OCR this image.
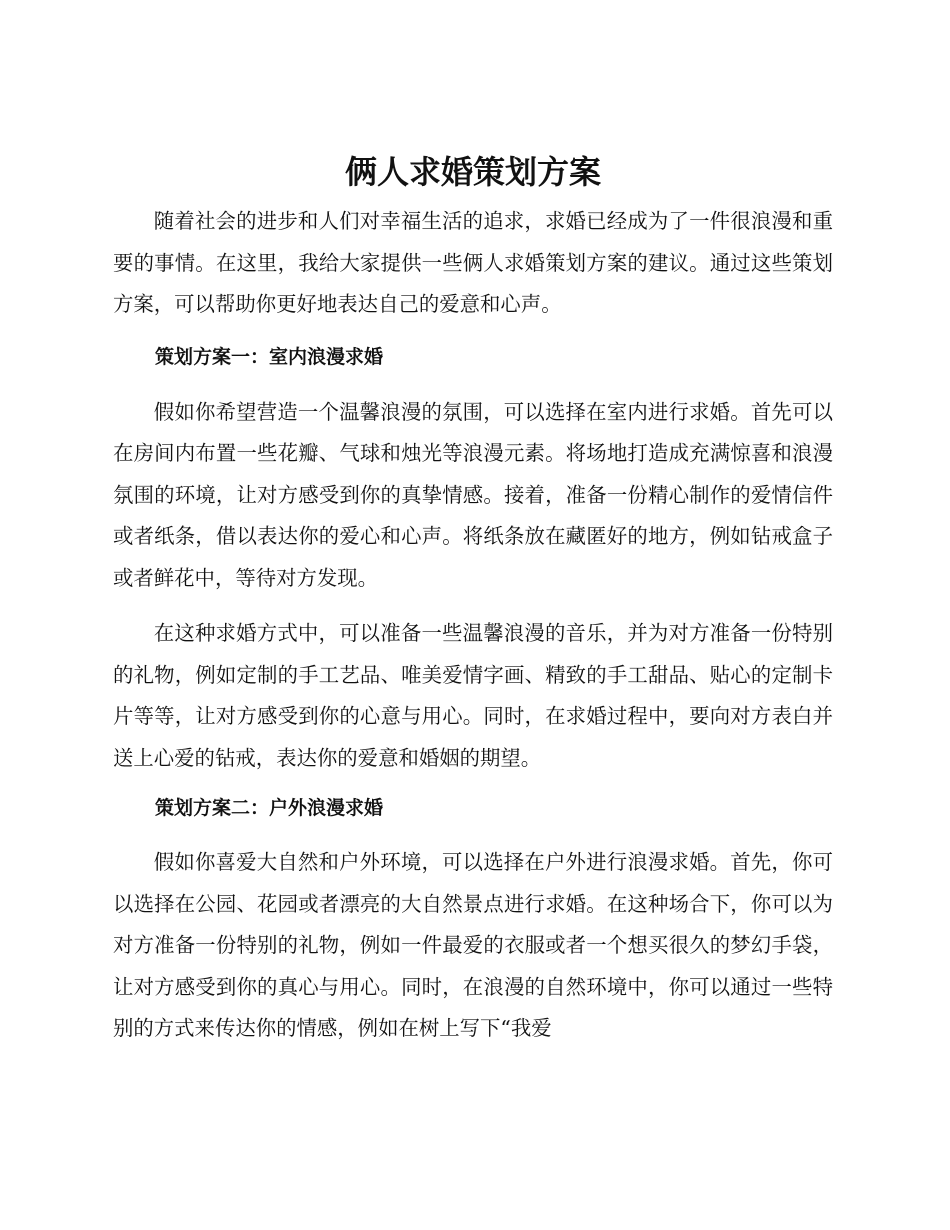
俩人求婚策划方案

随着社会的进步和人们对幸福生活的追求，求婚已经成为了一件很浪漫和重要的事情。在这里，我给大家提供一些俩人求婚策划方案的建议。通过这些策划方案，可以帮助你更好地表达自己的爱意和心声。

策划方案一：室内浪漫求婚

假如你希望营造一个温馨浪漫的氛围，可以选择在室内进行求婚。首先可以在房间内布置一些花瓣、气球和烛光等浪漫元素。将场地打造成充满惊喜和浪漫氛围的环境，让对方感受到你的真挚情感。接着，准备一份精心制作的爱情信件或者纸条，借以表达你的爱心和心声。将纸条放在藏匿好的地方，例如钻戒盒子或者鲜花中，等待对方发现。

在这种求婚方式中，可以准备一些温馨浪漫的音乐，并为对方准备一份特别的礼物，例如定制的手工艺品、唯美爱情字画、精致的手工甜品、贴心的定制卡片等等，让对方感受到你的心意与用心。同时，在求婚过程中，要向对方表白并送上心爱的钻戒，表达你的爱意和婚姻的期望。

策划方案二：户外浪漫求婚

假如你喜爱大自然和户外环境，可以选择在户外进行浪漫求婚。首先，你可以选择在公园、花园或者漂亮的大自然景点进行求婚。在这种场合下，你可以为对方准备一份特别的礼物，例如一件最爱的衣服或者一个想买很久的梦幻手袋，让对方感受到你的真心与用心。同时，在浪漫的自然环境中，你可以通过一些特别的方式来传达你的情感，例如在树上写下“我爱
